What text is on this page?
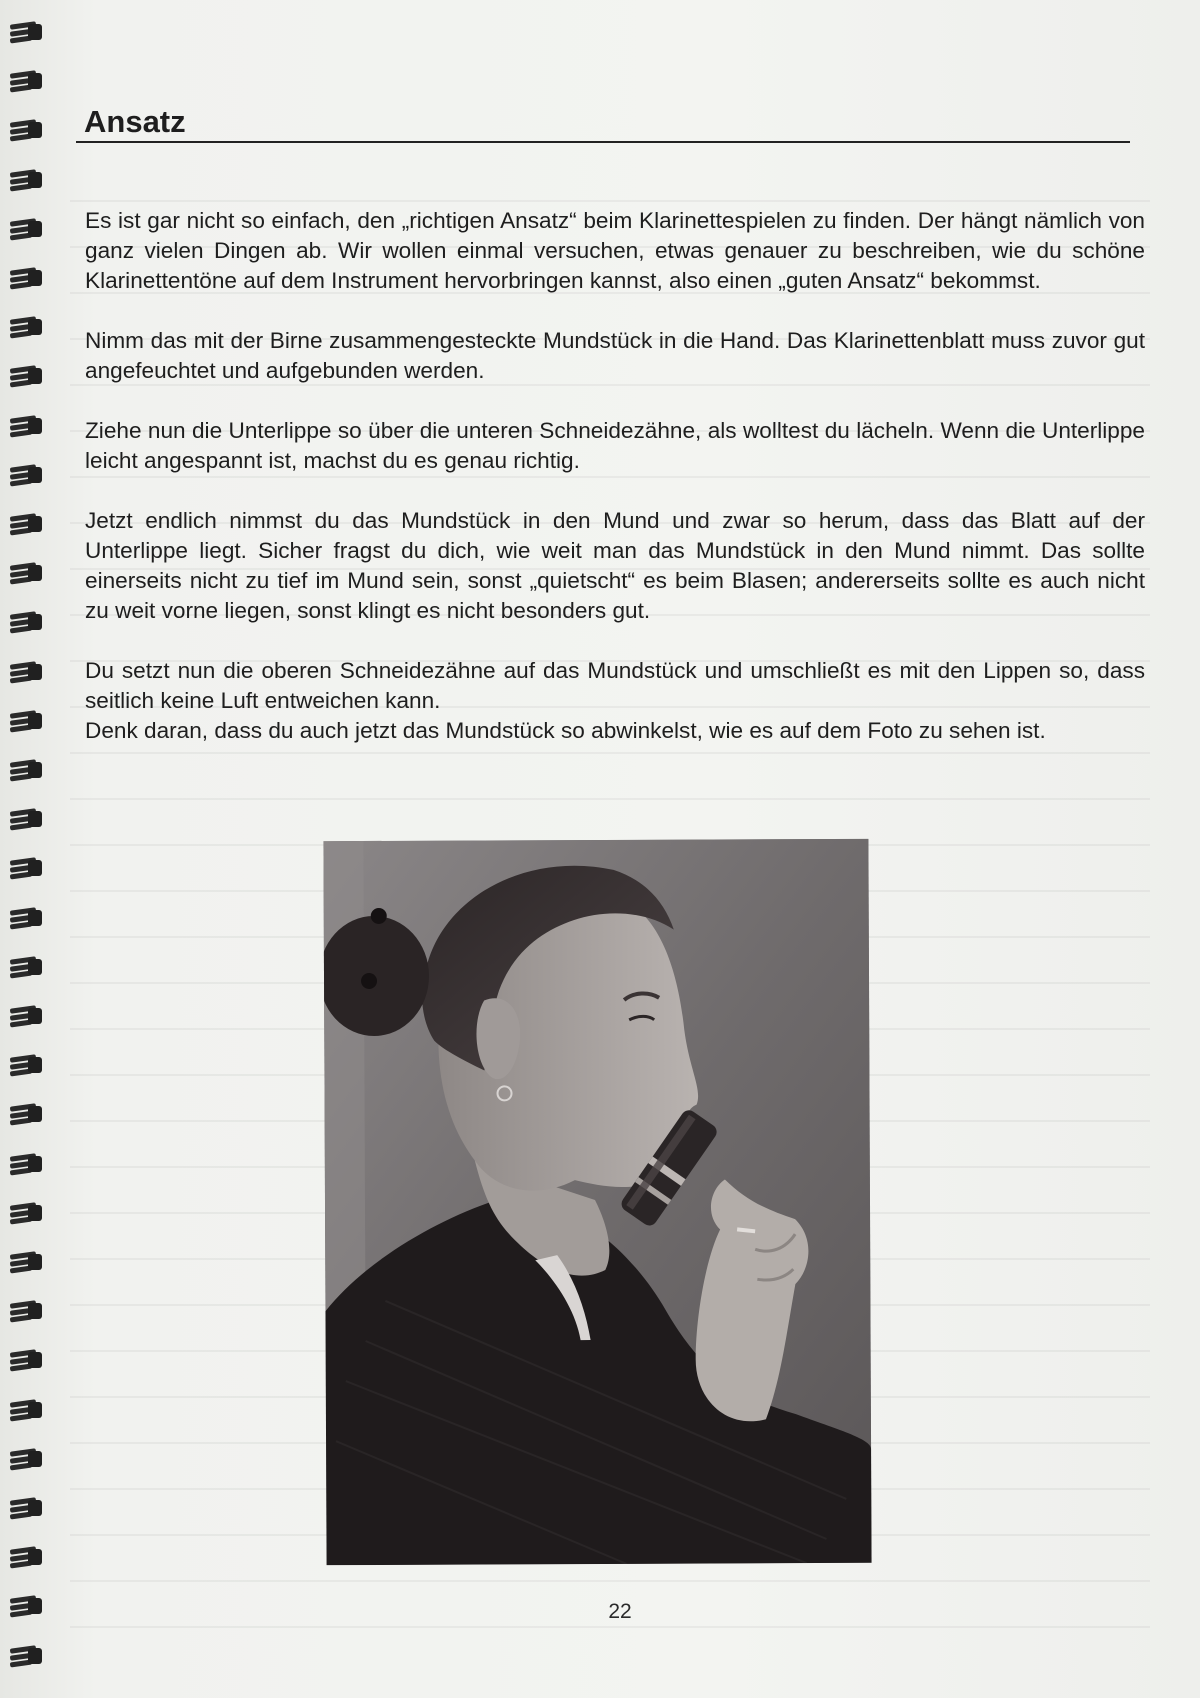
Ansatz

Es ist gar nicht so einfach, den „richtigen Ansatz“ beim Klarinettespielen zu finden. Der hängt nämlich von ganz vielen Dingen ab. Wir wollen einmal versuchen, etwas genauer zu beschreiben, wie du schöne Klarinettentöne auf dem Instrument hervorbringen kannst, also einen „guten Ansatz“ bekommst.

Nimm das mit der Birne zusammengesteckte Mundstück in die Hand. Das Klarinettenblatt muss zuvor gut angefeuchtet und aufgebunden werden.

Ziehe nun die Unterlippe so über die unteren Schneidezähne, als wolltest du lächeln. Wenn die Unterlippe leicht angespannt ist, machst du es genau richtig.

Jetzt endlich nimmst du das Mundstück in den Mund und zwar so herum, dass das Blatt auf der Unterlippe liegt. Sicher fragst du dich, wie weit man das Mundstück in den Mund nimmt. Das sollte einerseits nicht zu tief im Mund sein, sonst „quietscht“ es beim Blasen; andererseits sollte es auch nicht zu weit vorne liegen, sonst klingt es nicht besonders gut.

Du setzt nun die oberen Schneidezähne auf das Mundstück und umschließt es mit den Lippen so, dass seitlich keine Luft entweichen kann.

Denk daran, dass du auch jetzt das Mundstück so abwinkelst, wie es auf dem Foto zu sehen ist.

22
